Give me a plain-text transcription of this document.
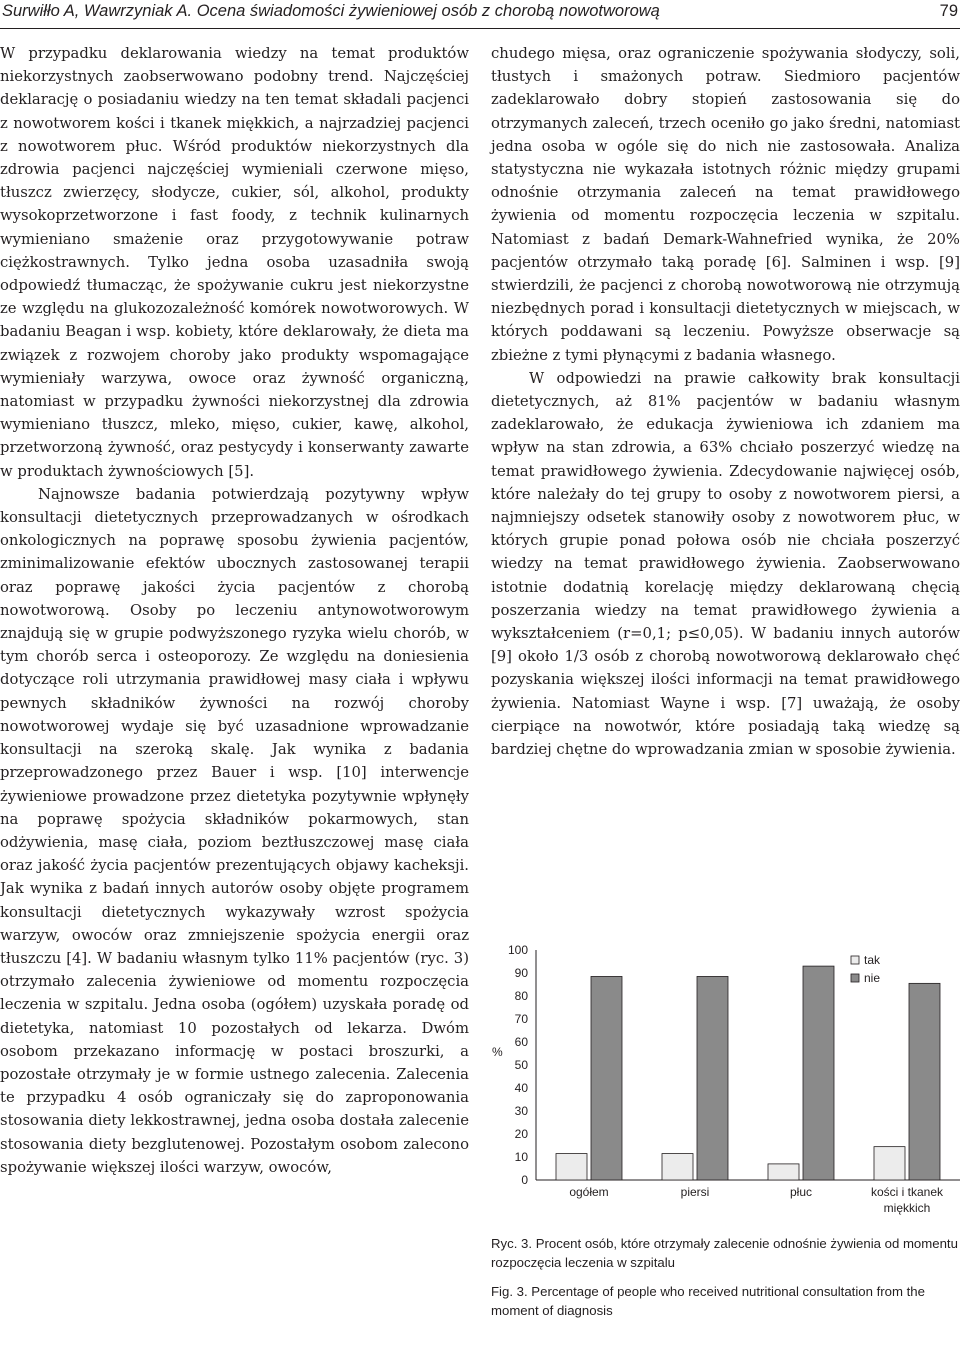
Surwiłło A, Wawrzyniak A. Ocena świadomości żywieniowej osób z chorobą nowotworową	79

W przypadku deklarowania wiedzy na temat produktów niekorzystnych zaobserwowano podobny trend. Najczęściej deklarację o posiadaniu wiedzy na ten temat składali pacjenci z nowotworem kości i tkanek miękkich, a najrzadziej pacjenci z nowotworem płuc. Wśród produktów niekorzystnych dla zdrowia pacjenci najczęściej wymieniali czerwone mięso, tłuszcz zwierzęcy, słodycze, cukier, sól, alkohol, produkty wysokoprzetworzone i fast foody, z technik kulinarnych wymieniano smażenie oraz przygotowywanie potraw ciężkostrawnych. Tylko jedna osoba uzasadniła swoją odpowiedź tłumacząc, że spożywanie cukru jest niekorzystne ze względu na glukozozależność komórek nowotworowych. W badaniu Beagan i wsp. kobiety, które deklarowały, że dieta ma związek z rozwojem choroby jako produkty wspomagające wymieniały warzywa, owoce oraz żywność organiczną, natomiast w przypadku żywności niekorzystnej dla zdrowia wymieniano tłuszcz, mleko, mięso, cukier, kawę, alkohol, przetworzoną żywność, oraz pestycydy i konserwanty zawarte w produktach żywnościowych [5].

Najnowsze badania potwierdzają pozytywny wpływ konsultacji dietetycznych przeprowadzanych w ośrodkach onkologicznych na poprawę sposobu żywienia pacjentów, zminimalizowanie efektów ubocznych zastosowanej terapii oraz poprawę jakości życia pacjentów z chorobą nowotworową. Osoby po leczeniu antynowotworowym znajdują się w grupie podwyższonego ryzyka wielu chorób, w tym chorób serca i osteoporozy. Ze względu na doniesienia dotyczące roli utrzymania prawidłowej masy ciała i wpływu pewnych składników żywności na rozwój choroby nowotworowej wydaje się być uzasadnione wprowadzanie konsultacji na szeroką skalę. Jak wynika z badania przeprowadzonego przez Bauer i wsp. [10] interwencje żywieniowe prowadzone przez dietetyka pozytywnie wpłynęły na poprawę spożycia składników pokarmowych, stan odżywienia, masę ciała, poziom beztłuszczowej masę ciała oraz jakość życia pacjentów prezentujących objawy kacheksji. Jak wynika z badań innych autorów osoby objęte programem konsultacji dietetycznych wykazywały wzrost spożycia warzyw, owoców oraz zmniejszenie spożycia energii oraz tłuszczu [4]. W badaniu własnym tylko 11% pacjentów (ryc. 3) otrzymało zalecenia żywieniowe od momentu rozpoczęcia leczenia w szpitalu. Jedna osoba (ogółem) uzyskała poradę od dietetyka, natomiast 10 pozostałych od lekarza. Dwóm osobom przekazano informację w postaci broszurki, a pozostałe otrzymały je w formie ustnego zalecenia. Zalecenia te przypadku 4 osób ograniczały się do zaproponowania stosowania diety lekkostrawnej, jedna osoba dostała zalecenie stosowania diety bezglutenowej. Pozostałym osobom zalecono spożywanie większej ilości warzyw, owoców,

chudego mięsa, oraz ograniczenie spożywania słodyczy, soli, tłustych i smażonych potraw. Siedmioro pacjentów zadeklarowało dobry stopień zastosowania się do otrzymanych zaleceń, trzech oceniło go jako średni, natomiast jedna osoba w ogóle się do nich nie zastosowała. Analiza statystyczna nie wykazała istotnych różnic między grupami odnośnie otrzymania zaleceń na temat prawidłowego żywienia od momentu rozpoczęcia leczenia w szpitalu. Natomiast z badań Demark-Wahnefried wynika, że 20% pacjentów otrzymało taką poradę [6]. Salminen i wsp. [9] stwierdzili, że pacjenci z chorobą nowotworową nie otrzymują niezbędnych porad i konsultacji dietetycznych w miejscach, w których poddawani są leczeniu. Powyższe obserwacje są zbieżne z tymi płynącymi z badania własnego.

W odpowiedzi na prawie całkowity brak konsultacji dietetycznych, aż 81% pacjentów w badaniu własnym zadeklarowało, że edukacja żywieniowa ich zdaniem ma wpływ na stan zdrowia, a 63% chciało poszerzyć wiedzę na temat prawidłowego żywienia. Zdecydowanie najwięcej osób, które należały do tej grupy to osoby z nowotworem piersi, a najmniejszy odsetek stanowiły osoby z nowotworem płuc, w których grupie ponad połowa osób nie chciała poszerzyć wiedzy na temat prawidłowego żywienia. Zaobserwowano istotnie dodatnią korelację między deklarowaną chęcią poszerzania wiedzy na temat prawidłowego żywienia a wykształceniem (r=0,1; p≤0,05). W badaniu innych autorów [9] około 1/3 osób z chorobą nowotworową deklarowało chęć pozyskania większej ilości informacji na temat prawidłowego żywienia. Natomiast Wayne i wsp. [7] uważają, że osoby cierpiące na nowotwór, które posiadają taką wiedzę są bardziej chętne do wprowadzania zmian w sposobie żywienia.

%
0
10
20
30
40
50
60
70
80
90
100
ogółem	piersi	płuc	kości i tkanek
miękkich
tak
nie
Ryc. 3. Procent osób, które otrzymały zalecenie odnośnie żywienia od momentu rozpoczęcia leczenia w szpitalu
Fig. 3. Percentage of people who received nutritional consultation from the moment of diagnosis
